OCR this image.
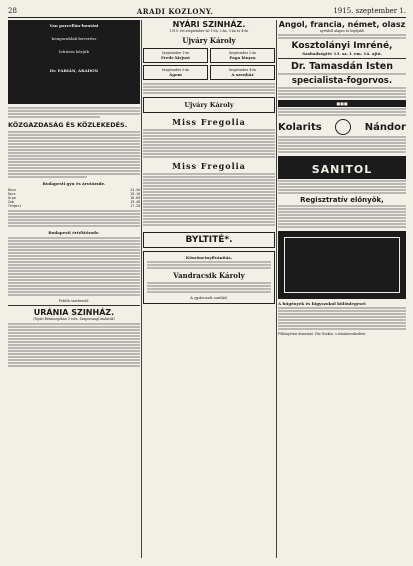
28	ARADI KOZLONY.	1915. szeptember 1.
Van parcellán-bontási
hengerablak-beverész
leírásra kérjük
Dr. FABIÁN, ARADON
KÖZGAZDASÁG ÉS KÖZLEKEDÉS.
Budapesti gyu és árutőzsde.
Búza	24.50
Rozs	20.10
Árpa	18.60
Zab	19.40
Tengeri	17.20
Budapesti értéktőzsde.
Felelős szerkesztő:
URÁNIA SZINHÁZ.
(Nyári Bérmozgóban 5 este, Szaporszugi mulatók)
NYÁRI SZINHÁZ.
1915. évi szeptember hó 1-én, 2-án, 3-án és 4-én
Ujváry Károly
Szeptember 1-én
Frede kirjust
Szeptember 2-án
Paga lányra
Szeptember 3-án
Ágom
Szeptember 4-én
A szenház
Ujváry Károly
Miss Fregolia
Miss Fregolia
BYLTITÉ*.
Köszönetnyilvánítás.
Vandracsik Károly
A gyárosok szalád.
Angol, francia, német, olasz
nyelvből alapos és legújabb
Kosztolányi Imréné,
Szabadságtér 13. sz. I. em. 14. ajtó.
Dr. Tamasdán Isten
specialista-fogorvos.
■■■
Kolarits	Nándor
SANITOL
Regisztratív előnyök,
A hűgények és higyszokul különlegesei
Főkönyvtári útmutató. Dér Eszköz, s ruhakereskedése
